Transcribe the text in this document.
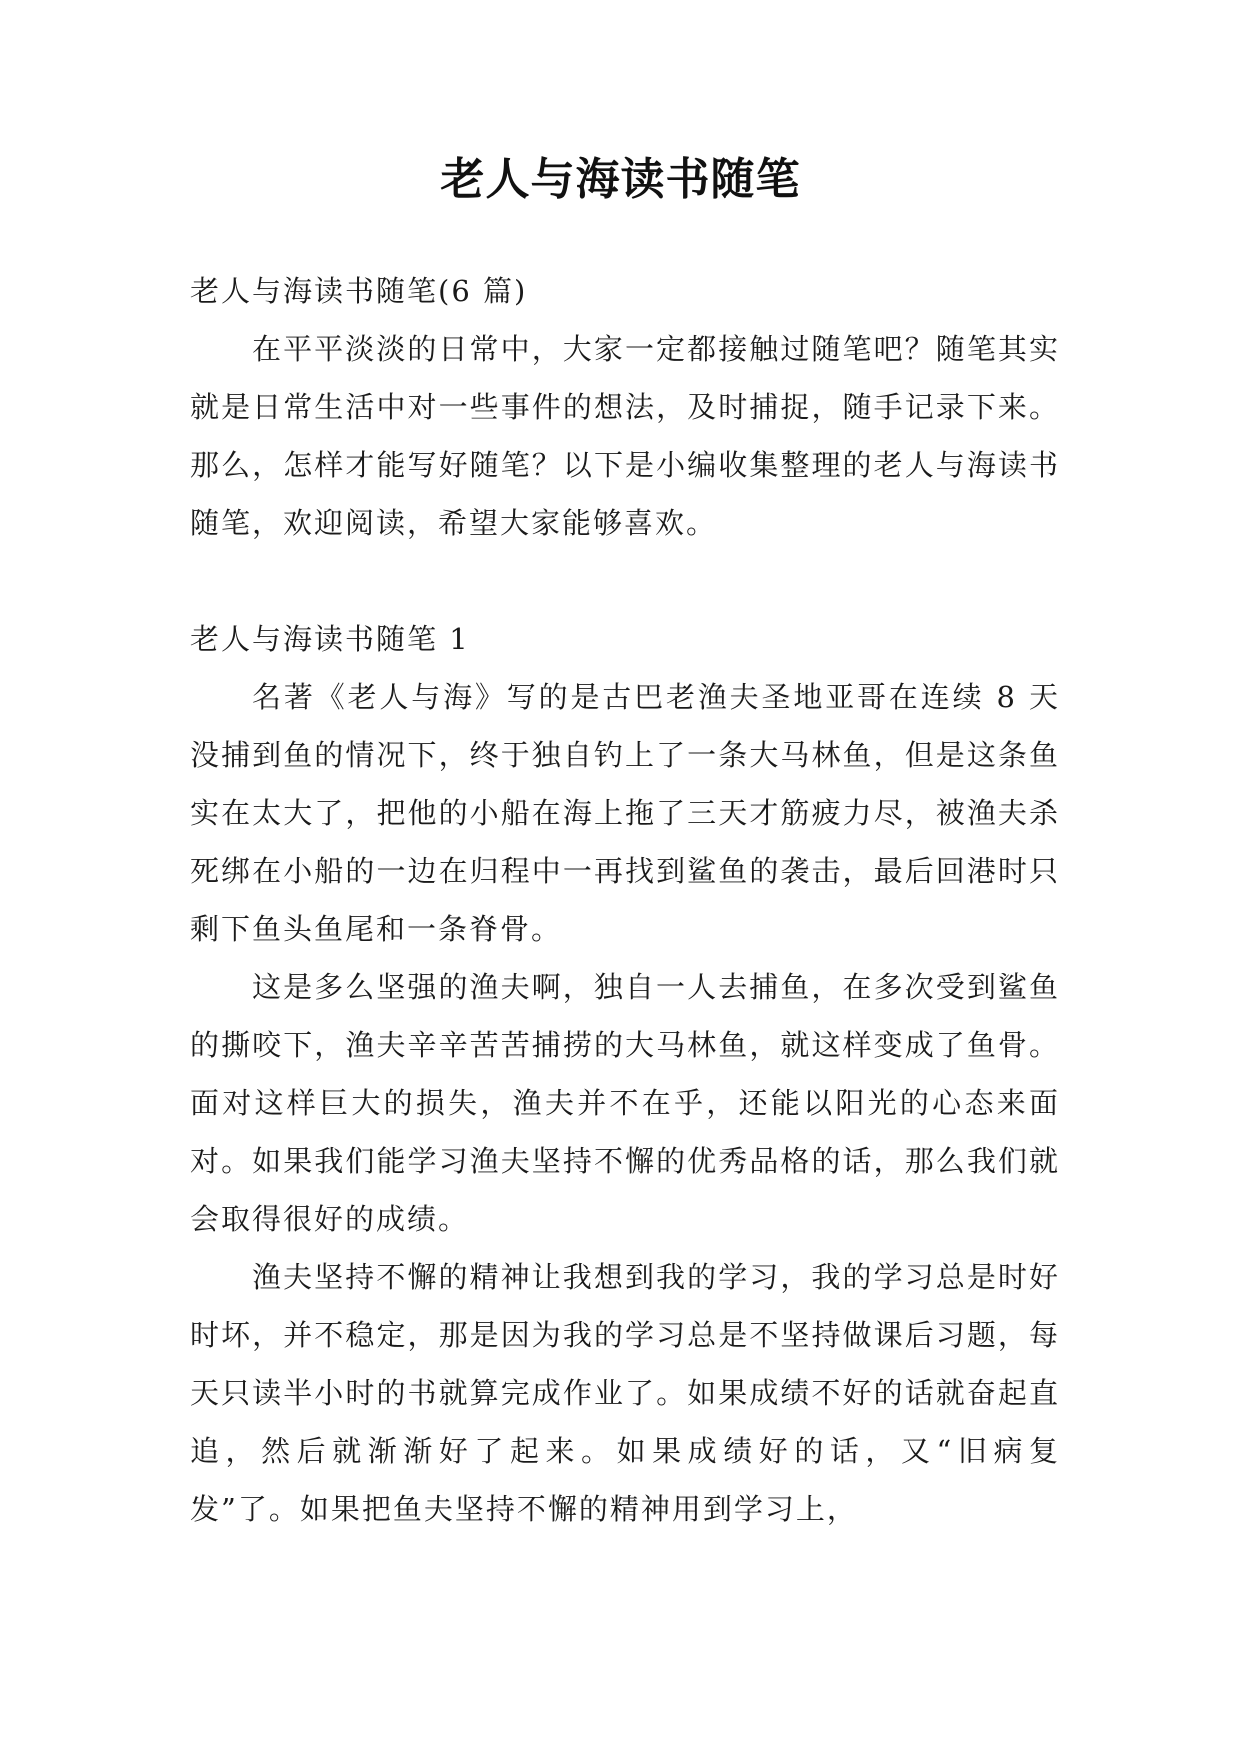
老人与海读书随笔

老人与海读书随笔(6 篇)

在平平淡淡的日常中，大家一定都接触过随笔吧？随笔其实就是日常生活中对一些事件的想法，及时捕捉，随手记录下来。那么，怎样才能写好随笔？以下是小编收集整理的老人与海读书随笔，欢迎阅读，希望大家能够喜欢。

老人与海读书随笔 1

名著《老人与海》写的是古巴老渔夫圣地亚哥在连续 8 天没捕到鱼的情况下，终于独自钓上了一条大马林鱼，但是这条鱼实在太大了，把他的小船在海上拖了三天才筋疲力尽，被渔夫杀死绑在小船的一边在归程中一再找到鲨鱼的袭击，最后回港时只剩下鱼头鱼尾和一条脊骨。

这是多么坚强的渔夫啊，独自一人去捕鱼，在多次受到鲨鱼的撕咬下，渔夫辛辛苦苦捕捞的大马林鱼，就这样变成了鱼骨。面对这样巨大的损失，渔夫并不在乎，还能以阳光的心态来面对。如果我们能学习渔夫坚持不懈的优秀品格的话，那么我们就会取得很好的成绩。

渔夫坚持不懈的精神让我想到我的学习，我的学习总是时好时坏，并不稳定，那是因为我的学习总是不坚持做课后习题，每天只读半小时的书就算完成作业了。如果成绩不好的话就奋起直追，然后就渐渐好了起来。如果成绩好的话，又“旧病复发”了。如果把鱼夫坚持不懈的精神用到学习上，
